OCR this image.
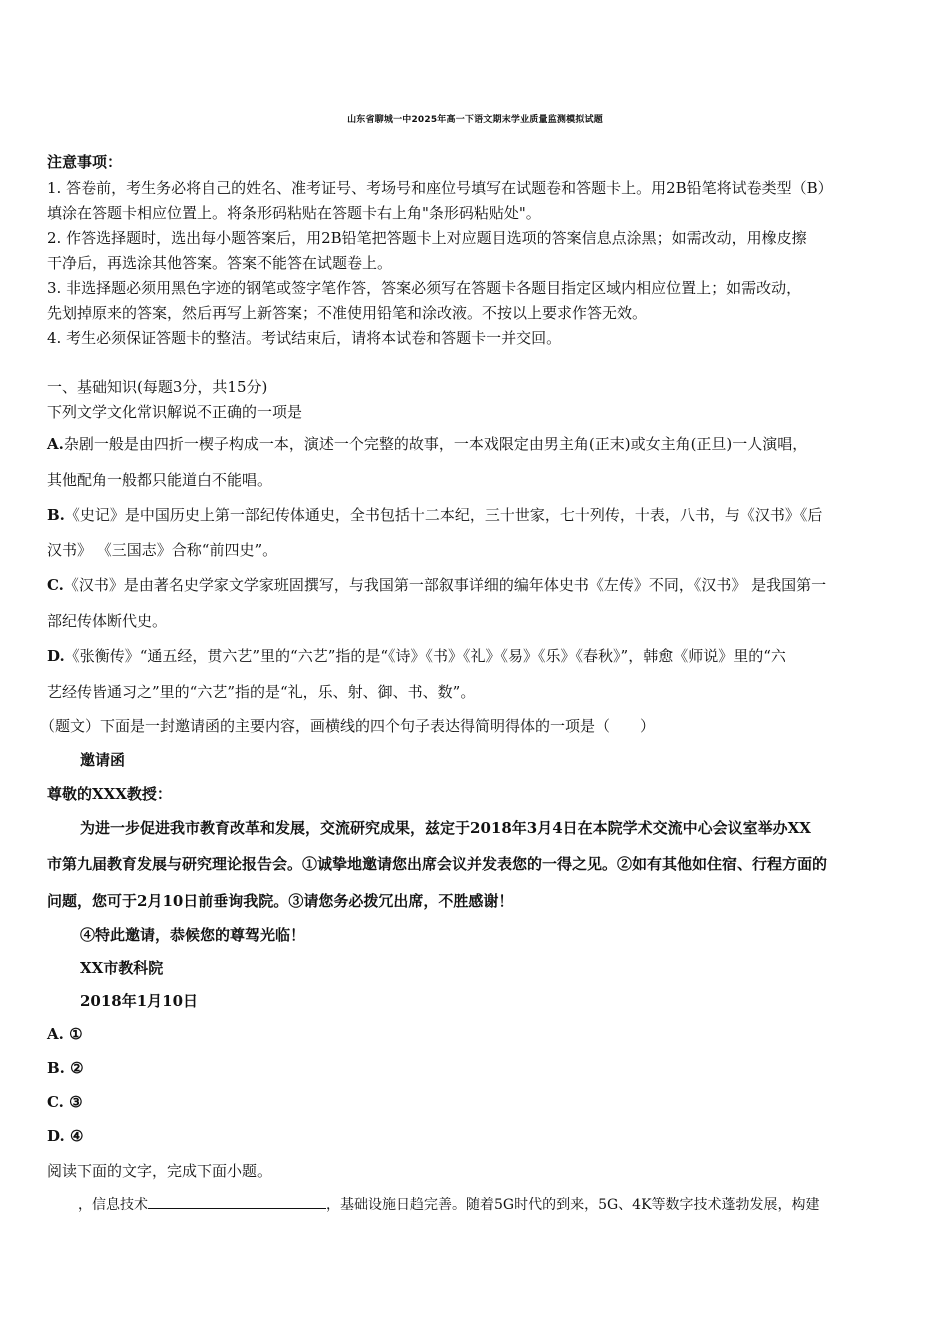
山东省聊城一中2025年高一下语文期末学业质量监测模拟试题
注意事项：
1. 答卷前，考生务必将自己的姓名、准考证号、考场号和座位号填写在试题卷和答题卡上。用2B铅笔将试卷类型（B）
填涂在答题卡相应位置上。将条形码粘贴在答题卡右上角"条形码粘贴处"。
2. 作答选择题时，选出每小题答案后，用2B铅笔把答题卡上对应题目选项的答案信息点涂黑；如需改动，用橡皮擦
干净后，再选涂其他答案。答案不能答在试题卷上。
3. 非选择题必须用黑色字迹的钢笔或签字笔作答，答案必须写在答题卡各题目指定区域内相应位置上；如需改动，
先划掉原来的答案，然后再写上新答案；不准使用铅笔和涂改液。不按以上要求作答无效。
4. 考生必须保证答题卡的整洁。考试结束后，请将本试卷和答题卡一并交回。
一、基础知识(每题3分，共15分)
下列文学文化常识解说不正确的一项是
A.杂剧一般是由四折一楔子构成一本，演述一个完整的故事，一本戏限定由男主角(正末)或女主角(正旦)一人演唱，
其他配角一般都只能道白不能唱。
B.《史记》是中国历史上第一部纪传体通史，全书包括十二本纪，三十世家，七十列传，十表，八书，与《汉书》《后
汉书》 《三国志》合称“前四史”。
C.《汉书》是由著名史学家文学家班固撰写，与我国第一部叙事详细的编年体史书《左传》不同，《汉书》 是我国第一
部纪传体断代史。
D.《张衡传》“通五经，贯六艺”里的“六艺”指的是“《诗》《书》《礼》《易》《乐》《春秋》”，韩愈《师说》里的“六
艺经传皆通习之”里的“六艺”指的是“礼，乐、射、御、书、数”。
（题文）下面是一封邀请函的主要内容，画横线的四个句子表达得简明得体的一项是（　　）
邀请函
尊敬的XXX教授：
为进一步促进我市教育改革和发展，交流研究成果，兹定于2018年3月4日在本院学术交流中心会议室举办XX
市第九届教育发展与研究理论报告会。①诚挚地邀请您出席会议并发表您的一得之见。②如有其他如住宿、行程方面的
问题，您可于2月10日前垂询我院。③请您务必拨冗出席，不胜感谢！
④特此邀请，恭候您的尊驾光临！
XX市教科院
2018年1月10日
A. ①
B. ②
C. ③
D. ④
阅读下面的文字，完成下面小题。
，信息技术	，基础设施日趋完善。随着5G时代的到来，5G、4K等数字技术蓬勃发展，构建
